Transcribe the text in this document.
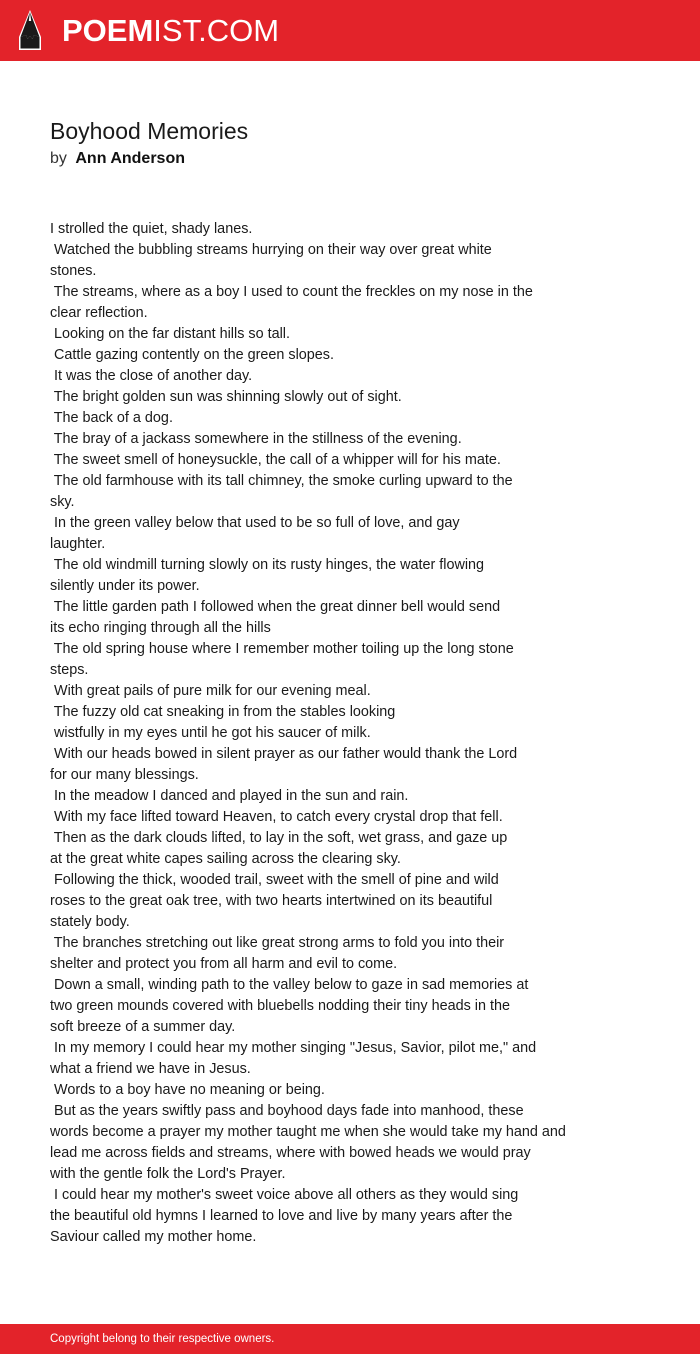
POEMIST.COM
Boyhood Memories
by Ann Anderson
I strolled the quiet, shady lanes.
Watched the bubbling streams hurrying on their way over great white
stones.
The streams, where as a boy I used to count the freckles on my nose in the
clear reflection.
Looking on the far distant hills so tall.
Cattle gazing contently on the green slopes.
It was the close of another day.
The bright golden sun was shinning slowly out of sight.
The back of a dog.
The bray of a jackass somewhere in the stillness of the evening.
The sweet smell of honeysuckle, the call of a whipper will for his mate.
The old farmhouse with its tall chimney, the smoke curling upward to the
sky.
In the green valley below that used to be so full of love, and gay
laughter.
The old windmill turning slowly on its rusty hinges, the water flowing
silently under its power.
The little garden path I followed when the great dinner bell would send
its echo ringing through all the hills
The old spring house where I remember mother toiling up the long stone
steps.
With great pails of pure milk for our evening meal.
The fuzzy old cat sneaking in from the stables looking
wistfully in my eyes until he got his saucer of milk.
With our heads bowed in silent prayer as our father would thank the Lord
for our many blessings.
In the meadow I danced and played in the sun and rain.
With my face lifted toward Heaven, to catch every crystal drop that fell.
Then as the dark clouds lifted, to lay in the soft, wet grass, and gaze up
at the great white capes sailing across the clearing sky.
Following the thick, wooded trail, sweet with the smell of pine and wild
roses to the great oak tree, with two hearts intertwined on its beautiful
stately body.
The branches stretching out like great strong arms to fold you into their
shelter and protect you from all harm and evil to come.
Down a small, winding path to the valley below to gaze in sad memories at
two green mounds covered with bluebells nodding their tiny heads in the
soft breeze of a summer day.
In my memory I could hear my mother singing "Jesus, Savior, pilot me," and
what a friend we have in Jesus.
Words to a boy have no meaning or being.
But as the years swiftly pass and boyhood days fade into manhood, these
words become a prayer my mother taught me when she would take my hand and
lead me across fields and streams, where with bowed heads we would pray
with the gentle folk the Lord's Prayer.
I could hear my mother's sweet voice above all others as they would sing
the beautiful old hymns I learned to love and live by many years after the
Saviour called my mother home.
Copyright belong to their respective owners.
